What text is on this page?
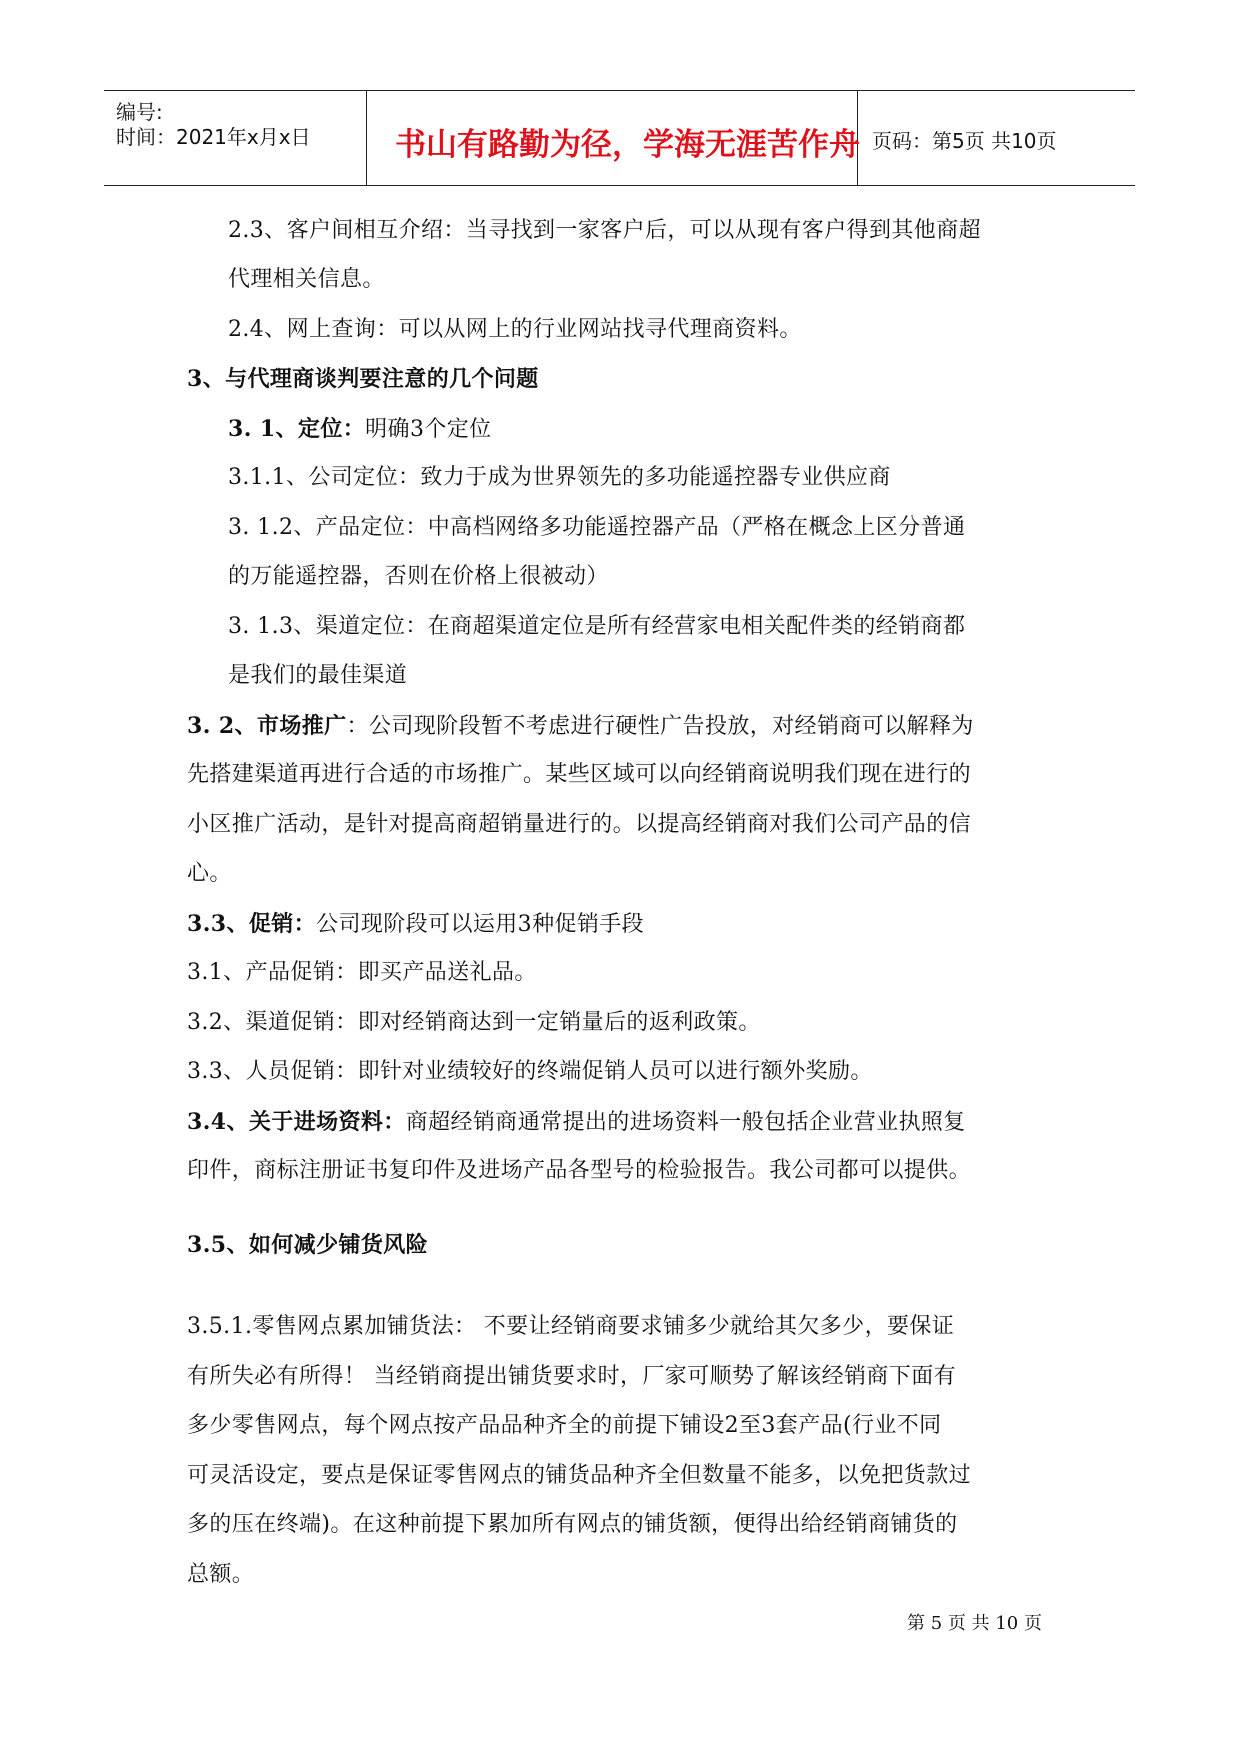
编号:
时间：2021年x月x日	书山有路勤为径，学海无涯苦作舟 页码：第5页 共10页
2.3、客户间相互介绍：当寻找到一家客户后，可以从现有客户得到其他商超
代理相关信息。
2.4、网上查询：可以从网上的行业网站找寻代理商资料。
3、与代理商谈判要注意的几个问题
3. 1、定位：明确3个定位
3.1.1、公司定位：致力于成为世界领先的多功能遥控器专业供应商
3. 1.2、产品定位：中高档网络多功能遥控器产品（严格在概念上区分普通
的万能遥控器，否则在价格上很被动）
3. 1.3、渠道定位：在商超渠道定位是所有经营家电相关配件类的经销商都
是我们的最佳渠道
3. 2、市场推广：公司现阶段暂不考虑进行硬性广告投放，对经销商可以解释为
先搭建渠道再进行合适的市场推广。某些区域可以向经销商说明我们现在进行的
小区推广活动，是针对提高商超销量进行的。以提高经销商对我们公司产品的信
心。
3.3、促销：公司现阶段可以运用3种促销手段
3.1、产品促销：即买产品送礼品。
3.2、渠道促销：即对经销商达到一定销量后的返利政策。
3.3、人员促销：即针对业绩较好的终端促销人员可以进行额外奖励。
3.4、关于进场资料：商超经销商通常提出的进场资料一般包括企业营业执照复
印件，商标注册证书复印件及进场产品各型号的检验报告。我公司都可以提供。
3.5、如何减少铺货风险
3.5.1.零售网点累加铺货法： 不要让经销商要求铺多少就给其欠多少，要保证
有所失必有所得！ 当经销商提出铺货要求时，厂家可顺势了解该经销商下面有
多少零售网点，每个网点按产品品种齐全的前提下铺设2至3套产品(行业不同
可灵活设定，要点是保证零售网点的铺货品种齐全但数量不能多，以免把货款过
多的压在终端)。在这种前提下累加所有网点的铺货额，便得出给经销商铺货的
总额。
第 5 页 共 10 页
